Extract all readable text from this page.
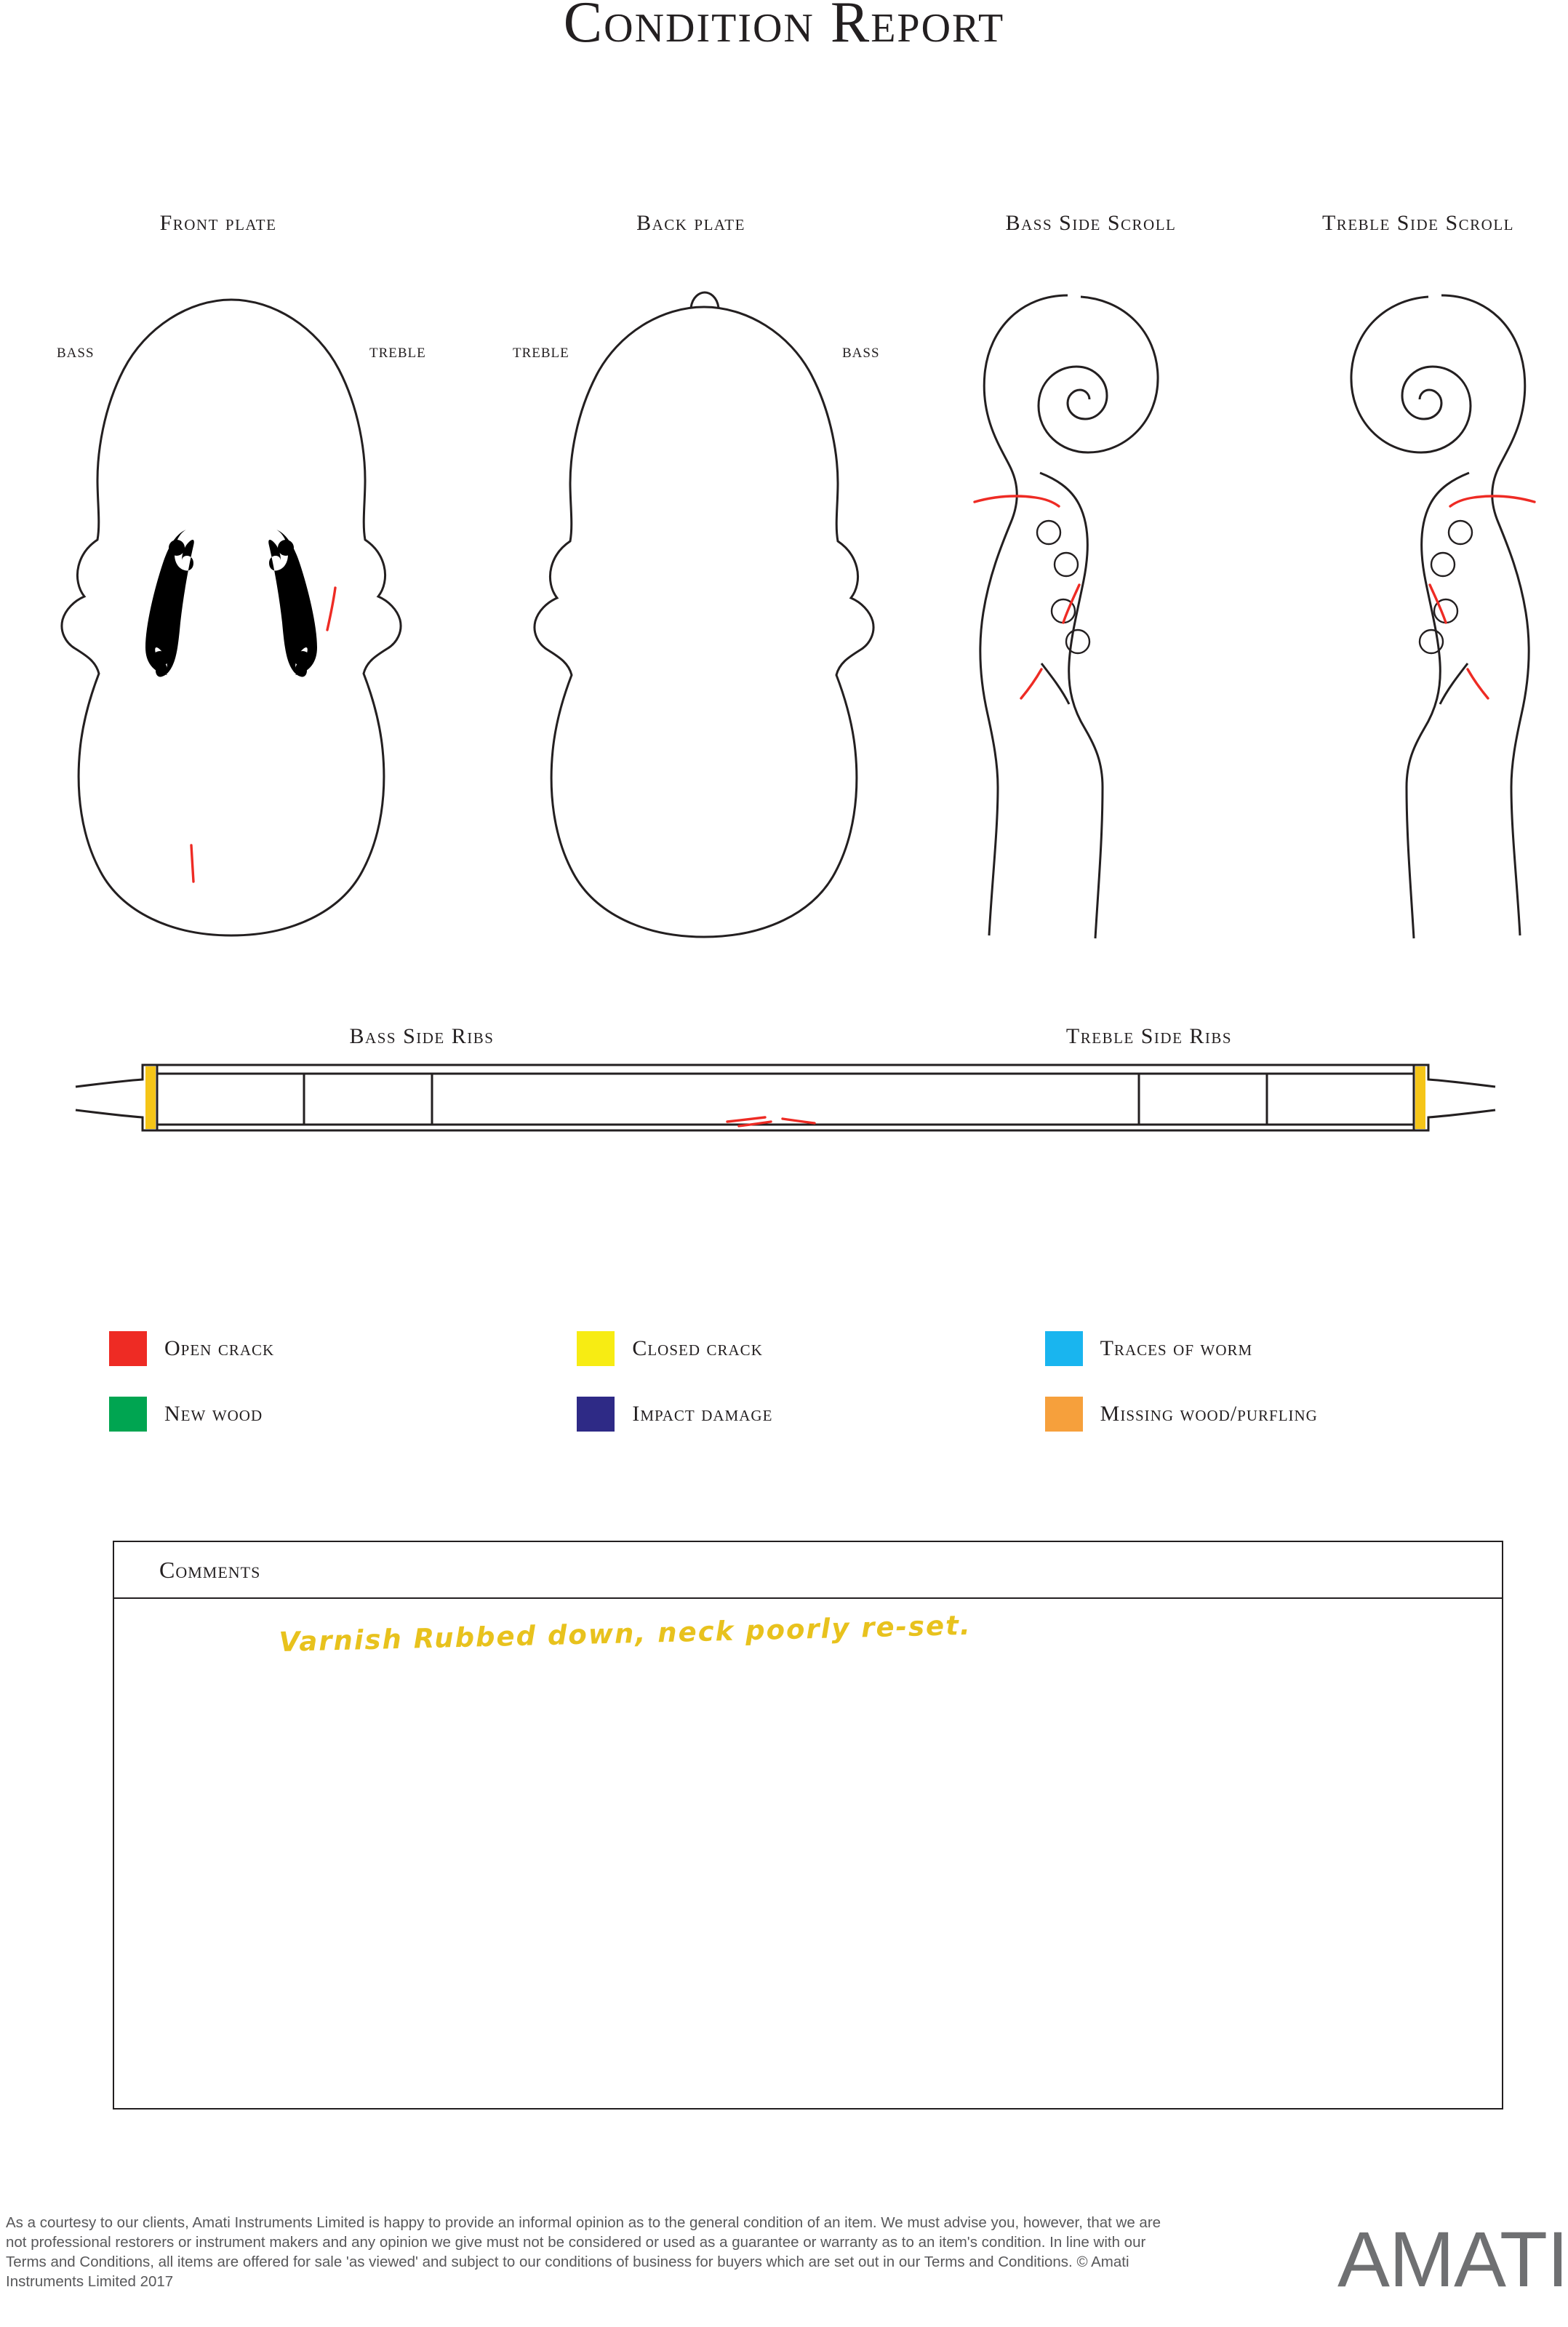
Condition Report
Front plate	Back plate	Bass Side Scroll	Treble Side Scroll
BASS	TREBLE	TREBLE	BASS
Bass Side Ribs	Treble Side Ribs
Open crack	Closed crack	Traces of worm
New wood	Impact damage	Missing wood/purfling
Comments
Varnish Rubbed down, neck poorly re-set.
As a courtesy to our clients, Amati Instruments Limited is happy to provide an informal opinion as to the general condition of an item. We must advise you, however, that we are not professional restorers or instrument makers and any opinion we give must not be considered or used as a guarantee or warranty as to an item's condition. In line with our Terms and Conditions, all items are offered for sale 'as viewed' and subject to our conditions of business for buyers which are set out in our Terms and Conditions. © Amati Instruments Limited 2017	AMATI
